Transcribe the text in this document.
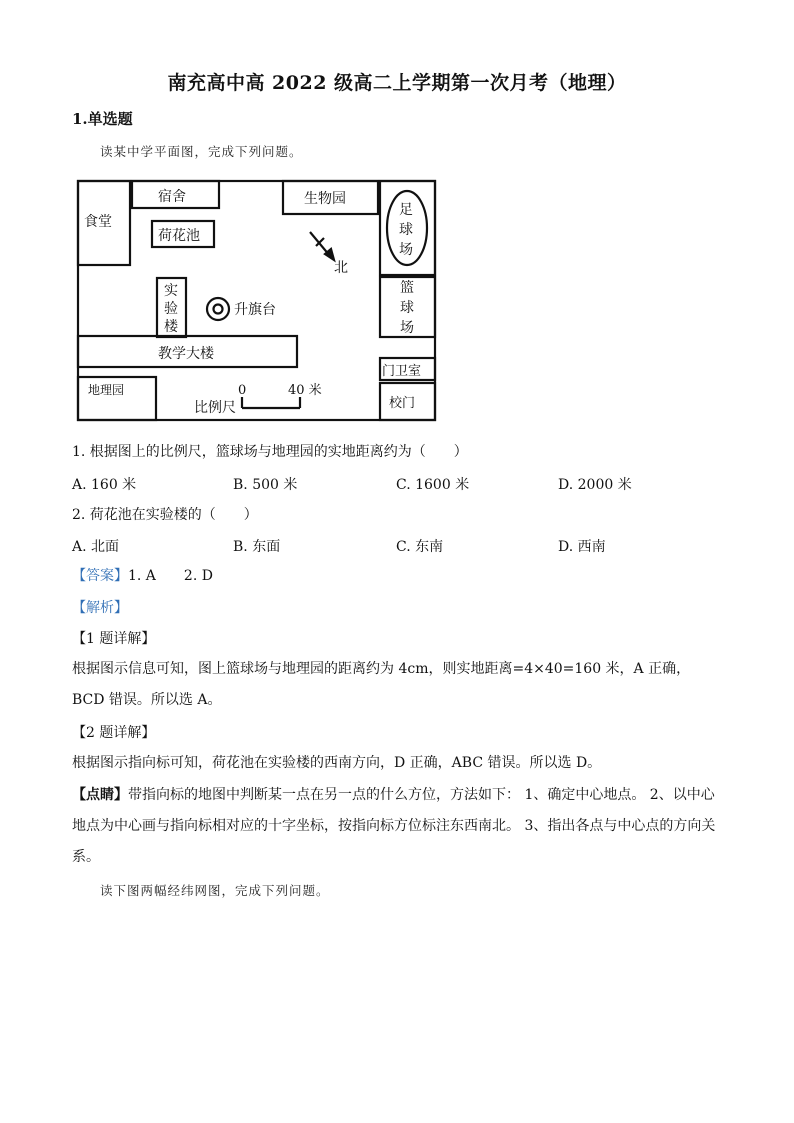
南充高中高 2022 级高二上学期第一次月考（地理）
1.单选题
读某中学平面图，完成下列问题。
食堂
宿舍
荷花池
生物园
足
球
场
篮
球
场
实
验
楼
升旗台
教学大楼
地理园
门卫室
校门
北
比例尺
0	40 米
1. 根据图上的比例尺，篮球场与地理园的实地距离约为（　　）
A. 160 米	B. 500 米	C. 1600 米	D. 2000 米
2. 荷花池在实验楼的（　　）
A. 北面	B. 东面	C. 东南	D. 西南
【答案】1. A　　2. D
【解析】
【1 题详解】
根据图示信息可知，图上篮球场与地理园的距离约为 4cm，则实地距离=4×40=160 米，A 正确，BCD 错误。所以选 A。
【2 题详解】
根据图示指向标可知，荷花池在实验楼的西南方向，D 正确，ABC 错误。所以选 D。
【点睛】带指向标的地图中判断某一点在另一点的什么方位，方法如下： 1、确定中心地点。 2、以中心地点为中心画与指向标相对应的十字坐标，按指向标方位标注东西南北。 3、指出各点与中心点的方向关系。
读下图两幅经纬网图，完成下列问题。
